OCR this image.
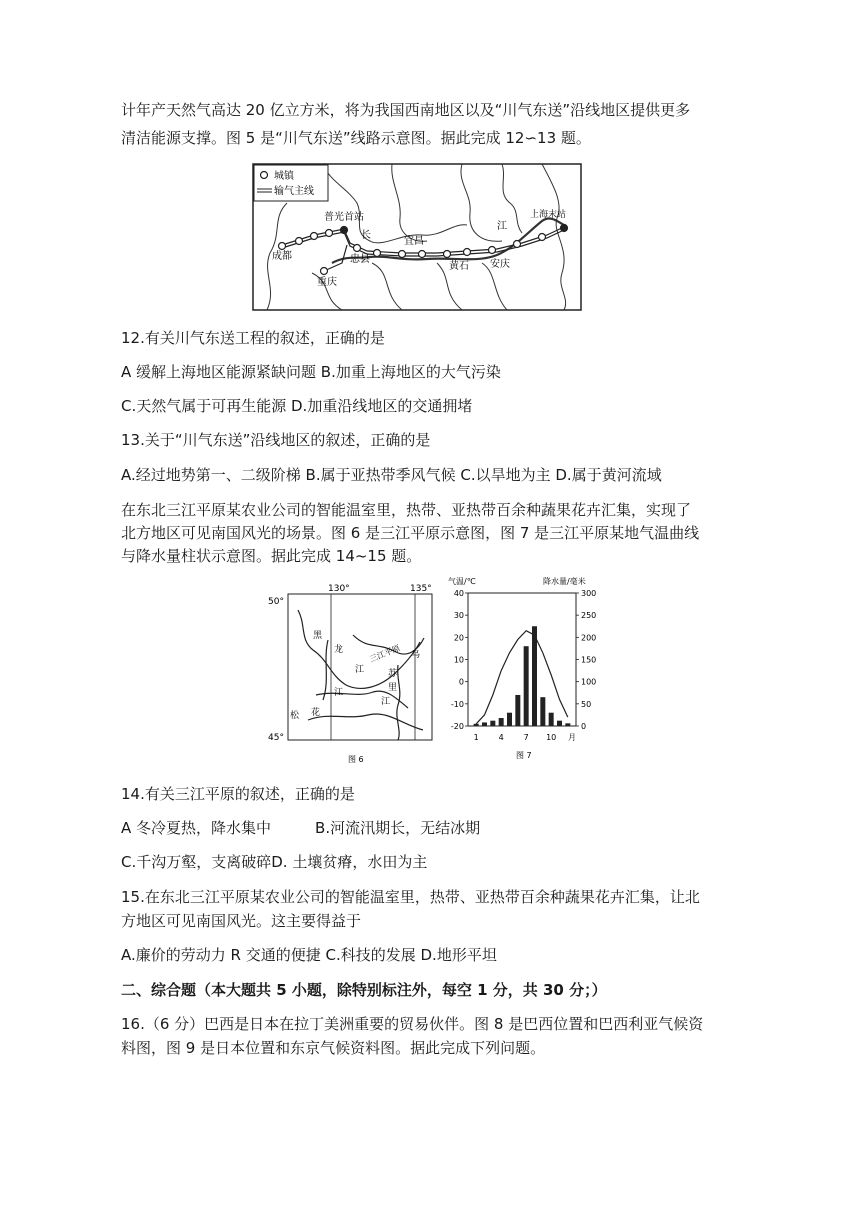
计年产天然气高达 20 亿立方米，将为我国西南地区以及“川气东送”沿线地区提供更多

清洁能源支撑。图 5 是“川气东送”线路示意图。据此完成 12∽13 题。

城镇
输气主线
普光首站
成都
长
忠县
宜昌
重庆
黄石 安庆
江
上海末站

12.有关川气东送工程的叙述，正确的是

A 缓解上海地区能源紧缺问题 B.加重上海地区的大气污染

C.天然气属于可再生能源 D.加重沿线地区的交通拥堵

13.关于“川气东送”沿线地区的叙述，正确的是

A.经过地势第一、二级阶梯 B.属于亚热带季风气候 C.以旱地为主 D.属于黄河流域

在东北三江平原某农业公司的智能温室里，热带、亚热带百余种蔬果花卉汇集，实现了

北方地区可见南国风光的场景。图 6 是三江平原示意图，图 7 是三江平原某地气温曲线

与降水量柱状示意图。据此完成 14~15 题。

130°	135°
50°
45°
黑
龙
江
三江平原 乌
苏
里
江
江
松 花
图 6
气温/℃	降水量/毫米
40
30
20
10
0
-10
-20
300
250
200
150
100
50
0
1 4 7 10 月
图 7

14.有关三江平原的叙述，正确的是

A 冬冷夏热，降水集中	B.河流汛期长，无结冰期

C.千沟万壑，支离破碎D. 土壤贫瘠，水田为主

15.在东北三江平原某农业公司的智能温室里，热带、亚热带百余种蔬果花卉汇集，让北

方地区可见南国风光。这主要得益于

A.廉价的劳动力 R 交通的便捷 C.科技的发展 D.地形平坦

二、综合题（本大题共 5 小题，除特别标注外，每空 1 分，共 30 分；）

16.（6 分）巴西是日本在拉丁美洲重要的贸易伙伴。图 8 是巴西位置和巴西利亚气候资

料图，图 9 是日本位置和东京气候资料图。据此完成下列问题。
